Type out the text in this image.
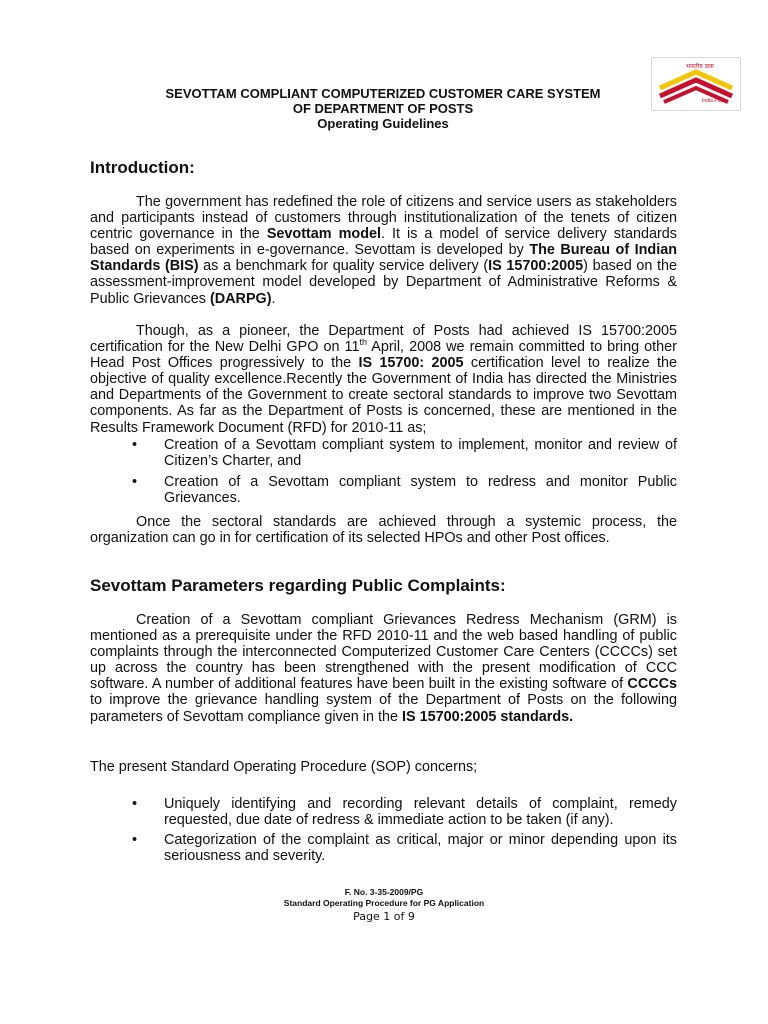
भारतीय डाक
India Post
SEVOTTAM COMPLIANT COMPUTERIZED CUSTOMER CARE SYSTEM
OF DEPARTMENT OF POSTS
Operating Guidelines
Introduction:

The government has redefined the role of citizens and service users as stakeholders and participants instead of customers through institutionalization of the tenets of citizen centric governance in the Sevottam model. It is a model of service delivery standards based on experiments in e-governance. Sevottam is developed by The Bureau of Indian Standards (BIS) as a benchmark for quality service delivery (IS 15700:2005) based on the assessment-improvement model developed by Department of Administrative Reforms & Public Grievances (DARPG).

Though, as a pioneer, the Department of Posts had achieved IS 15700:2005 certification for the New Delhi GPO on 11th April, 2008 we remain committed to bring other Head Post Offices progressively to the IS 15700: 2005 certification level to realize the objective of quality excellence.Recently the Government of India has directed the Ministries and Departments of the Government to create sectoral standards to improve two Sevottam components. As far as the Department of Posts is concerned, these are mentioned in the Results Framework Document (RFD) for 2010-11 as;

• Creation of a Sevottam compliant system to implement, monitor and review of Citizen’s Charter, and
• Creation of a Sevottam compliant system to redress and monitor Public Grievances.

Once the sectoral standards are achieved through a systemic process, the organization can go in for certification of its selected HPOs and other Post offices.

Sevottam Parameters regarding Public Complaints:

Creation of a Sevottam compliant Grievances Redress Mechanism (GRM) is mentioned as a prerequisite under the RFD 2010-11 and the web based handling of public complaints through the interconnected Computerized Customer Care Centers (CCCCs) set up across the country has been strengthened with the present modification of CCC software. A number of additional features have been built in the existing software of CCCCs to improve the grievance handling system of the Department of Posts on the following parameters of Sevottam compliance given in the IS 15700:2005 standards.

The present Standard Operating Procedure (SOP) concerns;

• Uniquely identifying and recording relevant details of complaint, remedy requested, due date of redress & immediate action to be taken (if any).
• Categorization of the complaint as critical, major or minor depending upon its seriousness and severity.
F. No. 3-35-2009/PG
Standard Operating Procedure for PG Application
Page 1 of 9
